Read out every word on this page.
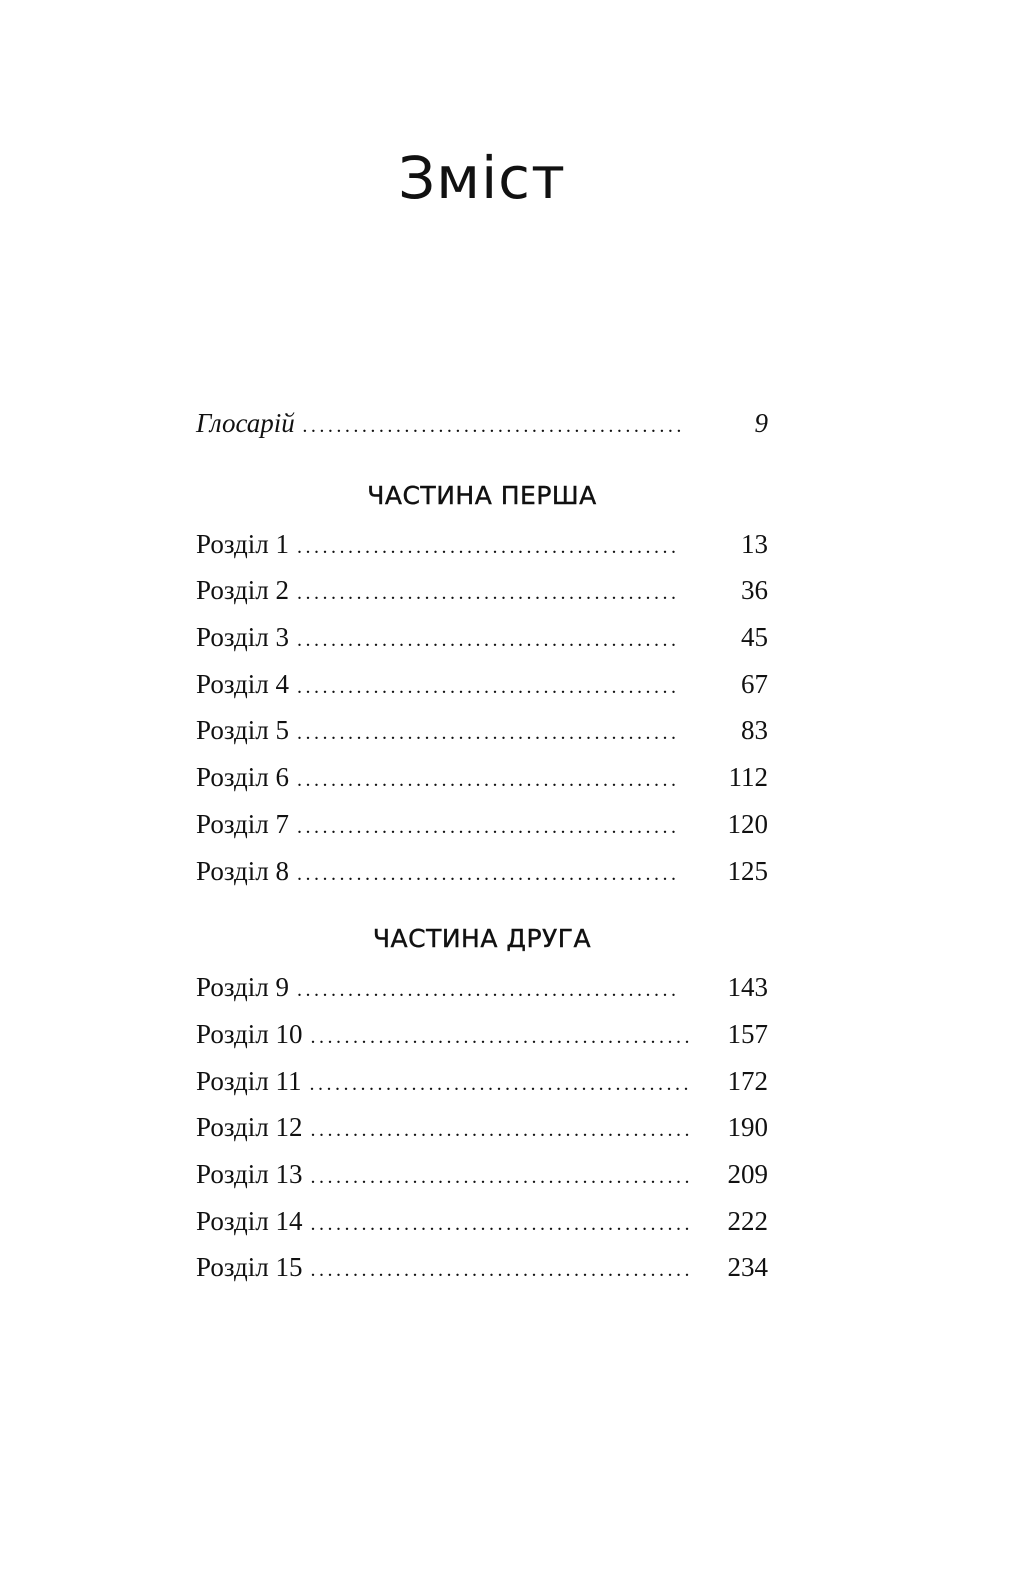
Зміст
Глосарій . . .	9
ЧАСТИНА ПЕРША
Розділ 1 . . .	13
Розділ 2 . . .	36
Розділ 3 . . .	45
Розділ 4 . . .	67
Розділ 5 . . .	83
Розділ 6 . . .	112
Розділ 7 . . .	120
Розділ 8 . . .	125
ЧАСТИНА ДРУГА
Розділ 9 . . .	143
Розділ 10 . . .	157
Розділ 11 . . .	172
Розділ 12 . . .	190
Розділ 13 . . .	209
Розділ 14 . . .	222
Розділ 15 . . .	234
